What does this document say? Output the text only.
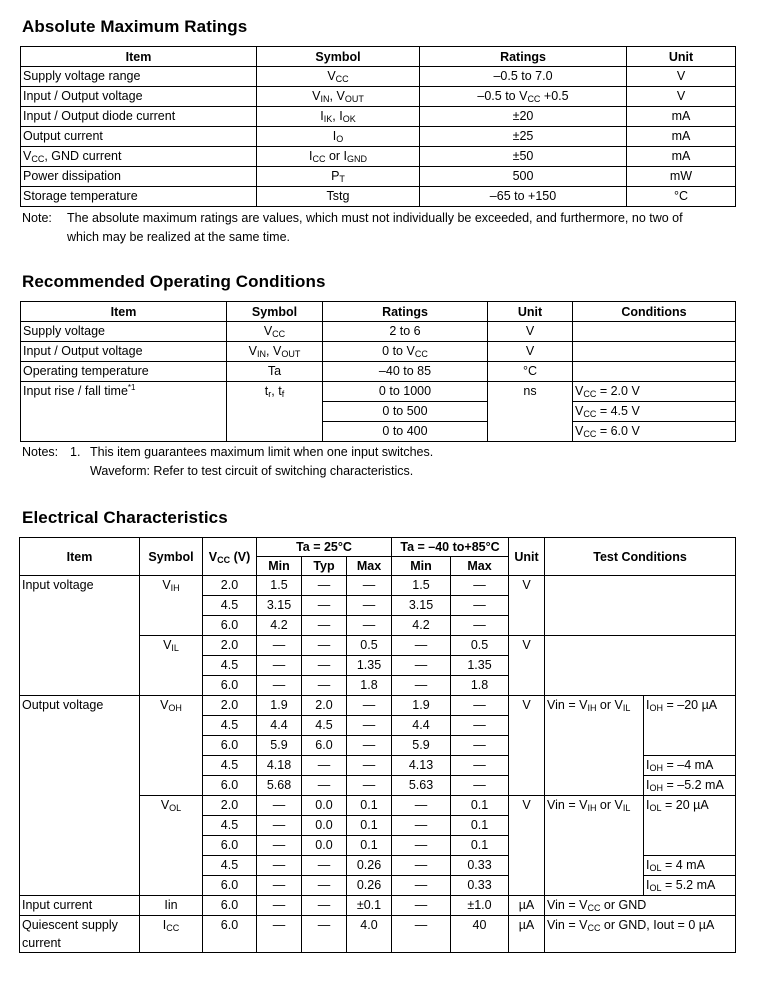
Absolute Maximum Ratings
Item	Symbol	Ratings	Unit
Supply voltage range	$V_{CC}$	–0.5 to 7.0	V
Input / Output voltage	$V_{IN}$, $V_{OUT}$	–0.5 to $V_{CC} +0.5$	V
Input / Output diode current	$I_{IK}$, $I_{OK}$	±20	mA
Output current	$I_O$	±25	mA
$V_{CC}$, GND current	$I_{CC}$ or $I_{GND}$	±50	mA
Power dissipation	$P_T$	500	mW
Storage temperature	Tstg	–65 to +150	°C
Note: The absolute maximum ratings are values, which must not individually be exceeded, and furthermore, no two of
which may be realized at the same time.
Recommended Operating Conditions
Item	Symbol	Ratings	Unit	Conditions
Supply voltage	$V_{CC}$	2 to 6	V	
Input / Output voltage	$V_{IN}$, $V_{OUT}$	0 to $V_{CC}$	V	
Operating temperature	Ta	–40 to 85	°C	
Input rise / fall time$^{*1}$	$t_r$, $t_f$	0 to 1000	ns	$V_{CC} = 2.0$ V
		0 to 500		$V_{CC} = 4.5$ V
		0 to 400		$V_{CC} = 6.0$ V
Notes: 1. This item guarantees maximum limit when one input switches.
Waveform: Refer to test circuit of switching characteristics.
Electrical Characteristics
Item	Symbol	$V_{CC}$ (V)	Ta = 25°C			Ta = –40 to+85°C		Unit	Test Conditions	
			Min	Typ	Max	Min	Max			
Input voltage	$V_{IH}$	2.0	1.5	—	—	1.5	—	V		
		4.5	3.15	—	—	3.15	—			
		6.0	4.2	—	—	4.2	—			
	$V_{IL}$	2.0	—	—	0.5	—	0.5	V		
		4.5	—	—	1.35	—	1.35			
		6.0	—	—	1.8	—	1.8			
Output voltage	$V_{OH}$	2.0	1.9	2.0	—	1.9	—	V	Vin = $V_{IH}$ or $V_{IL}$	$I_{OH} = -20$ µA
		4.5	4.4	4.5	—	4.4	—			
		6.0	5.9	6.0	—	5.9	—			
		4.5	4.18	—	—	4.13	—			$I_{OH} = -4$ mA
		6.0	5.68	—	—	5.63	—			$I_{OH} = -5.2$ mA
	$V_{OL}$	2.0	—	0.0	0.1	—	0.1	V	Vin = $V_{IH}$ or $V_{IL}$	$I_{OL} = 20$ µA
		4.5	—	0.0	0.1	—	0.1			
		6.0	—	0.0	0.1	—	0.1			
		4.5	—	—	0.26	—	0.33			$I_{OL} = 4$ mA
		6.0	—	—	0.26	—	0.33			$I_{OL} = 5.2$ mA
Input current	Iin	6.0	—	—	±0.1	—	±1.0	µA	Vin = $V_{CC}$ or GND	
Quiescent supply current	$I_{CC}$	6.0	—	—	4.0	—	40	µA	Vin = $V_{CC}$ or GND, Iout = 0 µA	
